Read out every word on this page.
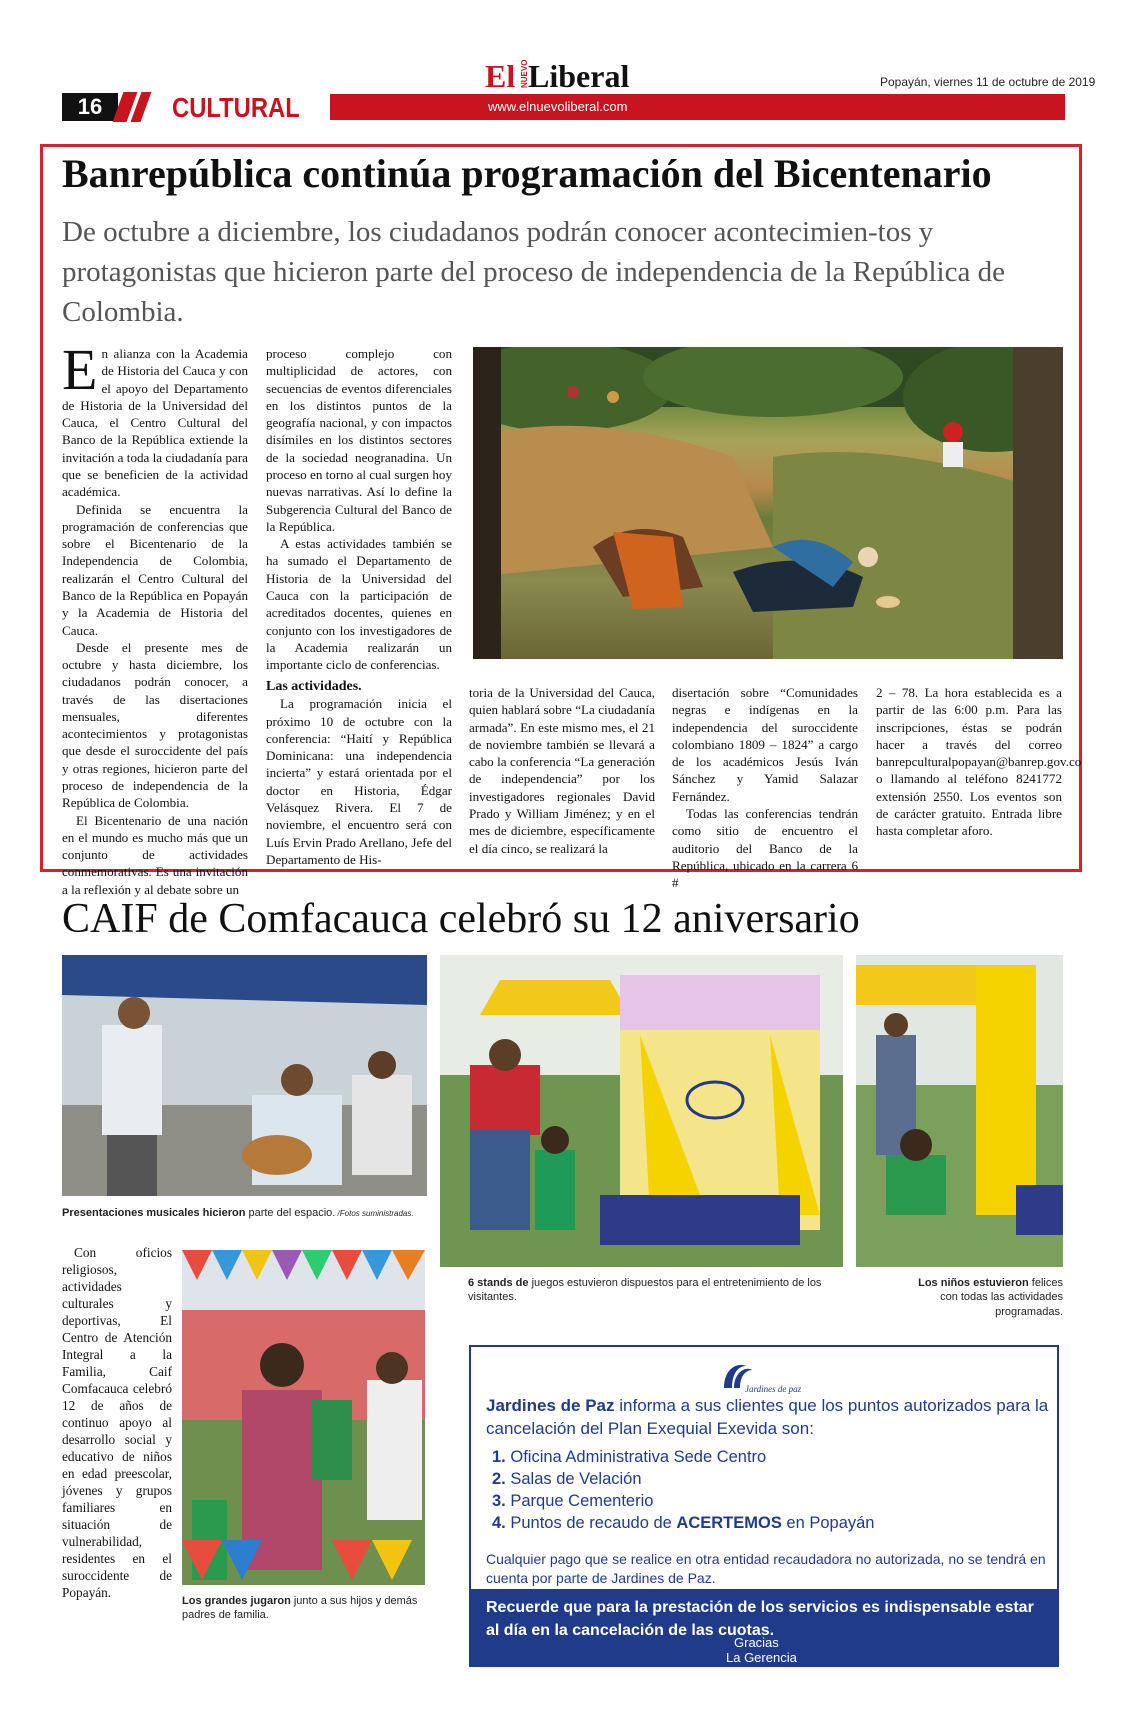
16	CULTURAL
El NUEVO Liberal
www.elnuevoliberal.com
Popayán, viernes 11 de octubre de 2019
Banrepública continúa programación del Bicentenario
De octubre a diciembre, los ciudadanos podrán conocer acontecimien-tos y protagonistas que hicieron parte del proceso de independencia de la República de Colombia.

En alianza con la Academia de Historia del Cauca y con el apoyo del Departamento de Historia de la Universidad del Cauca, el Centro Cultural del Banco de la República extiende la invitación a toda la ciudadanía para que se beneficien de la actividad académica.

Definida se encuentra la programación de conferencias que sobre el Bicentenario de la Independencia de Colombia, realizarán el Centro Cultural del Banco de la República en Popayán y la Academia de Historia del Cauca.

Desde el presente mes de octubre y hasta diciembre, los ciudadanos podrán conocer, a través de las disertaciones mensuales, diferentes acontecimientos y protagonistas que desde el suroccidente del país y otras regiones, hicieron parte del proceso de independencia de la República de Colombia.

El Bicentenario de una nación en el mundo es mucho más que un conjunto de actividades conmemorativas. Es una invitación a la reflexión y al debate sobre un

proceso complejo con multiplicidad de actores, con secuencias de eventos diferenciales en los distintos puntos de la geografía nacional, y con impactos disímiles en los distintos sectores de la sociedad neogranadina. Un proceso en torno al cual surgen hoy nuevas narrativas. Así lo define la Subgerencia Cultural del Banco de la República.

A estas actividades también se ha sumado el Departamento de Historia de la Universidad del Cauca con la participación de acreditados docentes, quienes en conjunto con los investigadores de la Academia realizarán un importante ciclo de conferencias.

Las actividades.

La programación inicia el próximo 10 de octubre con la conferencia: “Haití y República Dominicana: una independencia incierta” y estará orientada por el doctor en Historia, Édgar Velásquez Rivera. El 7 de noviembre, el encuentro será con Luís Ervin Prado Arellano, Jefe del Departamento de His-

toria de la Universidad del Cauca, quien hablará sobre “La ciudadanía armada”. En este mismo mes, el 21 de noviembre también se llevará a cabo la conferencia “La generación de independencia” por los investigadores regionales David Prado y William Jiménez; y en el mes de diciembre, específicamente el día cinco, se realizará la

disertación sobre “Comunidades negras e indígenas en la independencia del suroccidente colombiano 1809 – 1824” a cargo de los académicos Jesús Iván Sánchez y Yamid Salazar Fernández.

Todas las conferencias tendrán como sitio de encuentro el auditorio del Banco de la República, ubicado en la carrera 6 #

2 – 78. La hora establecida es a partir de las 6:00 p.m. Para las inscripciones, éstas se podrán hacer a través del correo banrepculturalpopayan@banrep.gov.co o llamando al teléfono 8241772 extensión 2550. Los eventos son de carácter gratuito. Entrada libre hasta completar aforo.

CAIF de Comfacauca celebró su 12 aniversario
Presentaciones musicales hicieron parte del espacio. /Fotos suministradas.
6 stands de juegos estuvieron dispuestos para el entretenimiento de los visitantes.
Los niños estuvieron felices con todas las actividades programadas.
Los grandes jugaron junto a sus hijos y demás padres de familia.

Con oficios religiosos, actividades culturales y deportivas, El Centro de Atención Integral a la Familia, Caif Comfacauca celebró 12 de años de continuo apoyo al desarrollo social y educativo de niños en edad preescolar, jóvenes y grupos familiares en situación de vulnerabilidad, residentes en el suroccidente de Popayán.

Jardines de paz
Jardines de Paz informa a sus clientes que los puntos autorizados para la cancelación del Plan Exequial Exevida son:
1. Oficina Administrativa Sede Centro
2. Salas de Velación
3. Parque Cementerio
4. Puntos de recaudo de ACERTEMOS en Popayán
Cualquier pago que se realice en otra entidad recaudadora no autorizada, no se tendrá en cuenta por parte de Jardines de Paz.
Recuerde que para la prestación de los servicios es indispensable estar al día en la cancelación de las cuotas.
Gracias
La Gerencia
